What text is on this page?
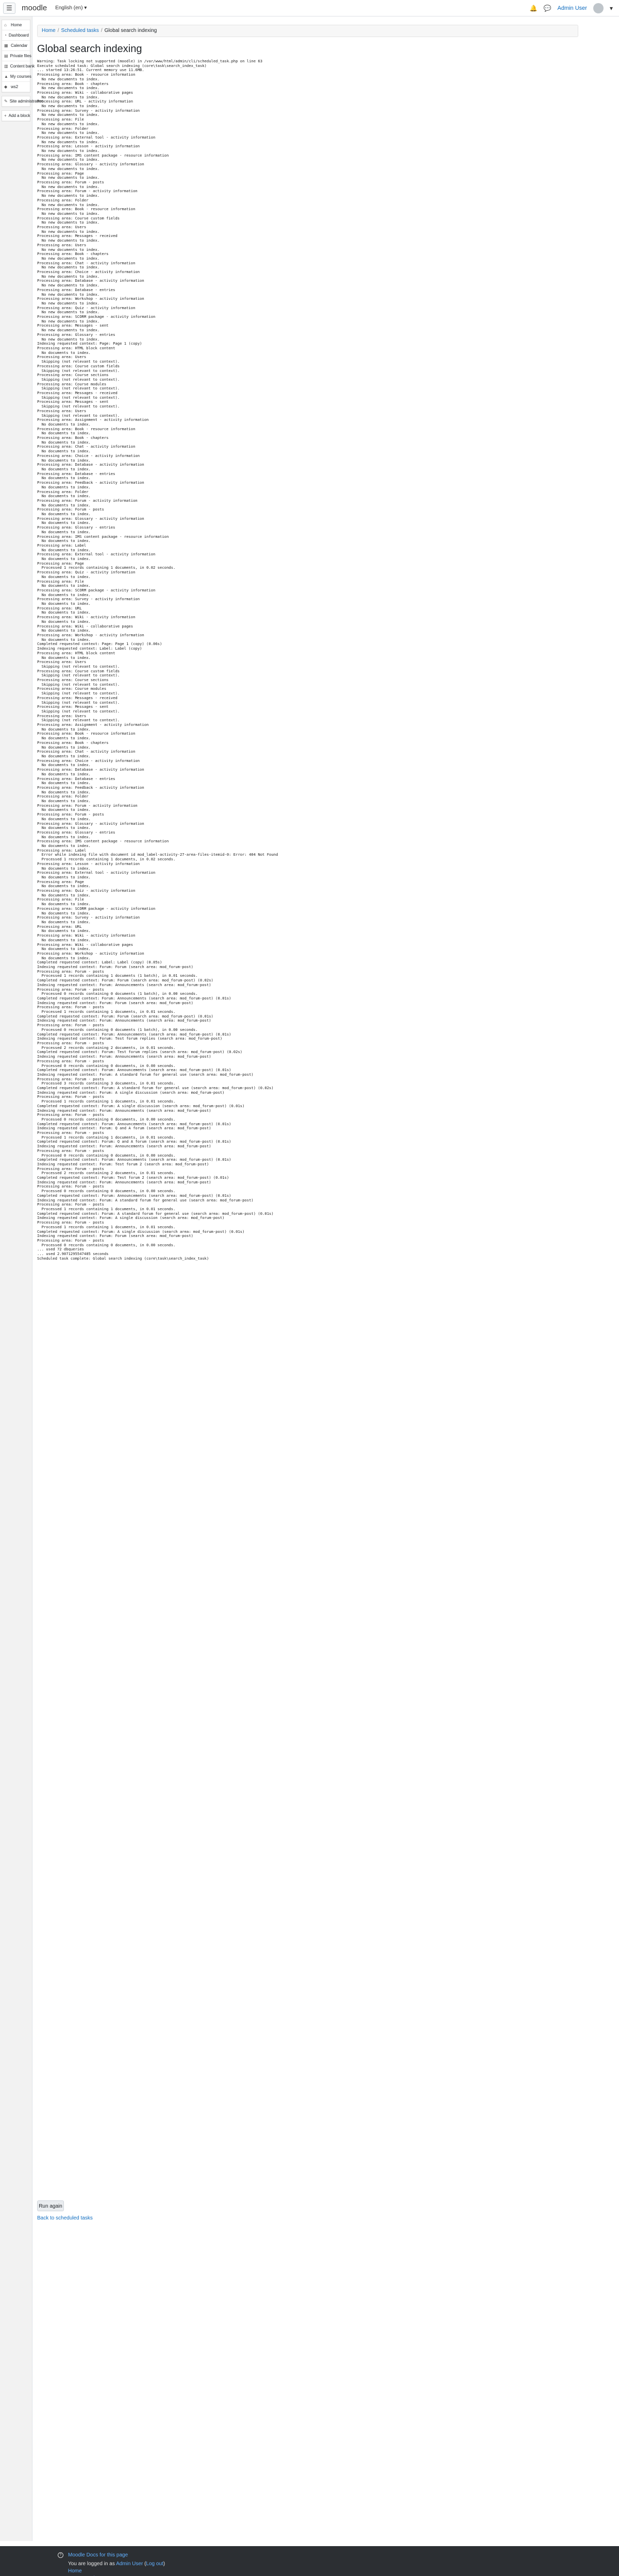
☰ moodle English ‎(en)‎ ▾	🔔 💬 Admin User	▾
⌂	Home
◔ Dashboard
▦ Calendar
▤ Private files
▥ Content bank
▲ My courses
◆ ws2
✎ Site administration
+ Add a block
Home / Scheduled tasks / Global search indexing
Global search indexing
Warning: Task locking not supported (moodle) in /var/www/html/admin/cli/scheduled_task.php on line 63
Execute scheduled task: Global search indexing (core\task\search_index_task)
... started 13:26:51. Current memory use 11.6MB.
Processing area: Book - resource information
No new documents to index.
Processing area: Book - chapters
No new documents to index.
Processing area: Wiki - collaborative pages
No new documents to index.
Processing area: URL - activity information
No new documents to index.
Processing area: Survey - activity information
No new documents to index.
Processing area: File
No new documents to index.
Processing area: Folder
No new documents to index.
Processing area: External tool - activity information
No new documents to index.
Processing area: Lesson - activity information
No new documents to index.
Processing area: IMS content package - resource information
No new documents to index.
Processing area: Glossary - activity information
No new documents to index.
Processing area: Page
No new documents to index.
Processing area: Forum - posts
No new documents to index.
Processing area: Forum - activity information
No new documents to index.
Processing area: Folder
No new documents to index.
Processing area: Book - resource information
No new documents to index.
Processing area: Course custom fields
No new documents to index.
Processing area: Users
No new documents to index.
Processing area: Messages - received
No new documents to index.
Processing area: Users
No new documents to index.
Processing area: Book - chapters
No new documents to index.
Processing area: Chat - activity information
No new documents to index.
Processing area: Choice - activity information
No new documents to index.
Processing area: Database - activity information
No new documents to index.
Processing area: Database - entries
No new documents to index.
Processing area: Workshop - activity information
No new documents to index.
Processing area: Quiz - activity information
No new documents to index.
Processing area: SCORM package - activity information
No new documents to index.
Processing area: Messages - sent
No new documents to index.
Processing area: Glossary - entries
No new documents to index.
Indexing requested context: Page: Page 1 (copy)
Processing area: HTML block content
No documents to index.
Processing area: Users
Skipping (not relevant to context).
Processing area: Course custom fields
Skipping (not relevant to context).
Processing area: Course sections
Skipping (not relevant to context).
Processing area: Course modules
Skipping (not relevant to context).
Processing area: Messages - received
Skipping (not relevant to context).
Processing area: Messages - sent
Skipping (not relevant to context).
Processing area: Users
Skipping (not relevant to context).
Processing area: Assignment - activity information
No documents to index.
Processing area: Book - resource information
No documents to index.
Processing area: Book - chapters
No documents to index.
Processing area: Chat - activity information
No documents to index.
Processing area: Choice - activity information
No documents to index.
Processing area: Database - activity information
No documents to index.
Processing area: Database - entries
No documents to index.
Processing area: Feedback - activity information
No documents to index.
Processing area: Folder
No documents to index.
Processing area: Forum - activity information
No documents to index.
Processing area: Forum - posts
No documents to index.
Processing area: Glossary - activity information
No documents to index.
Processing area: Glossary - entries
No documents to index.
Processing area: IMS content package - resource information
No documents to index.
Processing area: Label
No documents to index.
Processing area: External tool - activity information
No documents to index.
Processing area: Page
Processed 1 records containing 1 documents, in 0.02 seconds.
Processing area: Quiz - activity information
No documents to index.
Processing area: File
No documents to index.
Processing area: SCORM package - activity information
No documents to index.
Processing area: Survey - activity information
No documents to index.
Processing area: URL
No documents to index.
Processing area: Wiki - activity information
No documents to index.
Processing area: Wiki - collaborative pages
No documents to index.
Processing area: Workshop - activity information
No documents to index.
Completed requested context: Page: Page 1 (copy) (0.06s)
Indexing requested context: Label: Label (copy)
Processing area: HTML block content
No documents to index.
Processing area: Users
Skipping (not relevant to context).
Processing area: Course custom fields
Skipping (not relevant to context).
Processing area: Course sections
Skipping (not relevant to context).
Processing area: Course modules
Skipping (not relevant to context).
Processing area: Messages - received
Skipping (not relevant to context).
Processing area: Messages - sent
Skipping (not relevant to context).
Processing area: Users
Skipping (not relevant to context).
Processing area: Assignment - activity information
No documents to index.
Processing area: Book - resource information
No documents to index.
Processing area: Book - chapters
No documents to index.
Processing area: Chat - activity information
No documents to index.
Processing area: Choice - activity information
No documents to index.
Processing area: Database - activity information
No documents to index.
Processing area: Database - entries
No documents to index.
Processing area: Feedback - activity information
No documents to index.
Processing area: Folder
No documents to index.
Processing area: Forum - activity information
No documents to index.
Processing area: Forum - posts
No documents to index.
Processing area: Glossary - activity information
No documents to index.
Processing area: Glossary - entries
No documents to index.
Processing area: IMS content package - resource information
No documents to index.
Processing area: Label
Error while indexing file with document id mod_label-activity-27-area-files-itemid-0: Error: 404 Not Found
Processed 1 records containing 1 documents, in 0.02 seconds.
Processing area: Lesson - activity information
No documents to index.
Processing area: External tool - activity information
No documents to index.
Processing area: Page
No documents to index.
Processing area: Quiz - activity information
No documents to index.
Processing area: File
No documents to index.
Processing area: SCORM package - activity information
No documents to index.
Processing area: Survey - activity information
No documents to index.
Processing area: URL
No documents to index.
Processing area: Wiki - activity information
No documents to index.
Processing area: Wiki - collaborative pages
No documents to index.
Processing area: Workshop - activity information
No documents to index.
Completed requested context: Label: Label (copy) (0.05s)
Indexing requested context: Forum: Forum (search area: mod_forum-post)
Processing area: Forum - posts
Processed 1 records containing 1 documents (1 batch), in 0.01 seconds.
Completed requested context: Forum: Forum (search area: mod_forum-post) (0.02s)
Indexing requested context: Forum: Announcements (search area: mod_forum-post)
Processing area: Forum - posts
Processed 0 records containing 0 documents (1 batch), in 0.00 seconds.
Completed requested context: Forum: Announcements (search area: mod_forum-post) (0.01s)
Indexing requested context: Forum: Forum (search area: mod_forum-post)
Processing area: Forum - posts
Processed 1 records containing 1 documents, in 0.01 seconds.
Completed requested context: Forum: Forum (search area: mod_forum-post) (0.01s)
Indexing requested context: Forum: Announcements (search area: mod_forum-post)
Processing area: Forum - posts
Processed 0 records containing 0 documents (1 batch), in 0.00 seconds.
Completed requested context: Forum: Announcements (search area: mod_forum-post) (0.01s)
Indexing requested context: Forum: Test forum replies (search area: mod_forum-post)
Processing area: Forum - posts
Processed 2 records containing 2 documents, in 0.01 seconds.
Completed requested context: Forum: Test forum replies (search area: mod_forum-post) (0.02s)
Indexing requested context: Forum: Announcements (search area: mod_forum-post)
Processing area: Forum - posts
Processed 0 records containing 0 documents, in 0.00 seconds.
Completed requested context: Forum: Announcements (search area: mod_forum-post) (0.01s)
Indexing requested context: Forum: A standard forum for general use (search area: mod_forum-post)
Processing area: Forum - posts
Processed 3 records containing 3 documents, in 0.01 seconds.
Completed requested context: Forum: A standard forum for general use (search area: mod_forum-post) (0.02s)
Indexing requested context: Forum: A single discussion (search area: mod_forum-post)
Processing area: Forum - posts
Processed 1 records containing 1 documents, in 0.01 seconds.
Completed requested context: Forum: A single discussion (search area: mod_forum-post) (0.01s)
Indexing requested context: Forum: Announcements (search area: mod_forum-post)
Processing area: Forum - posts
Processed 0 records containing 0 documents, in 0.00 seconds.
Completed requested context: Forum: Announcements (search area: mod_forum-post) (0.01s)
Indexing requested context: Forum: Q and A forum (search area: mod_forum-post)
Processing area: Forum - posts
Processed 1 records containing 1 documents, in 0.01 seconds.
Completed requested context: Forum: Q and A forum (search area: mod_forum-post) (0.01s)
Indexing requested context: Forum: Announcements (search area: mod_forum-post)
Processing area: Forum - posts
Processed 0 records containing 0 documents, in 0.00 seconds.
Completed requested context: Forum: Announcements (search area: mod_forum-post) (0.01s)
Indexing requested context: Forum: Test forum 2 (search area: mod_forum-post)
Processing area: Forum - posts
Processed 2 records containing 2 documents, in 0.01 seconds.
Completed requested context: Forum: Test forum 2 (search area: mod_forum-post) (0.01s)
Indexing requested context: Forum: Announcements (search area: mod_forum-post)
Processing area: Forum - posts
Processed 0 records containing 0 documents, in 0.00 seconds.
Completed requested context: Forum: Announcements (search area: mod_forum-post) (0.01s)
Indexing requested context: Forum: A standard forum for general use (search area: mod_forum-post)
Processing area: Forum - posts
Processed 1 records containing 1 documents, in 0.01 seconds.
Completed requested context: Forum: A standard forum for general use (search area: mod_forum-post) (0.01s)
Indexing requested context: Forum: A single discussion (search area: mod_forum-post)
Processing area: Forum - posts
Processed 1 records containing 1 documents, in 0.01 seconds.
Completed requested context: Forum: A single discussion (search area: mod_forum-post) (0.01s)
Indexing requested context: Forum: Forum (search area: mod_forum-post)
Processing area: Forum - posts
Processed 0 records containing 0 documents, in 0.00 seconds.
... used 72 dbqueries
... used 2.9071295547485 seconds
Scheduled task complete: Global search indexing (core\task\search_index_task)
Run again
Back to scheduled tasks
?	Moodle Docs for this page
You are logged in as Admin User (Log out)
Home
